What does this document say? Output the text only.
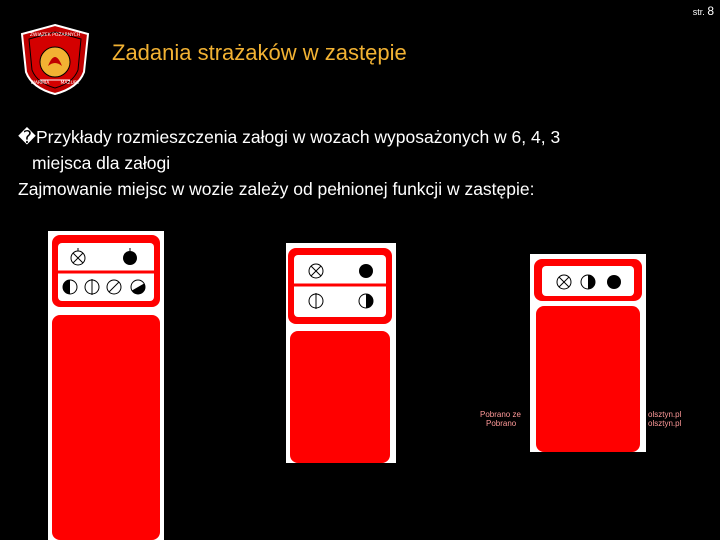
str. 8
ZWIĄZEK POŻARNYCH
WARMIA MAZURY
Zadania strażaków w zastępie
�Przykłady rozmieszczenia załogi w wozach wyposażonych w 6, 4, 3
miejsca dla załogi
Zajmowanie miejsc w wozie zależy od pełnionej funkcji w zastępie:
Pobrano ze
Pobrano
olsztyn.pl
olsztyn.pl
